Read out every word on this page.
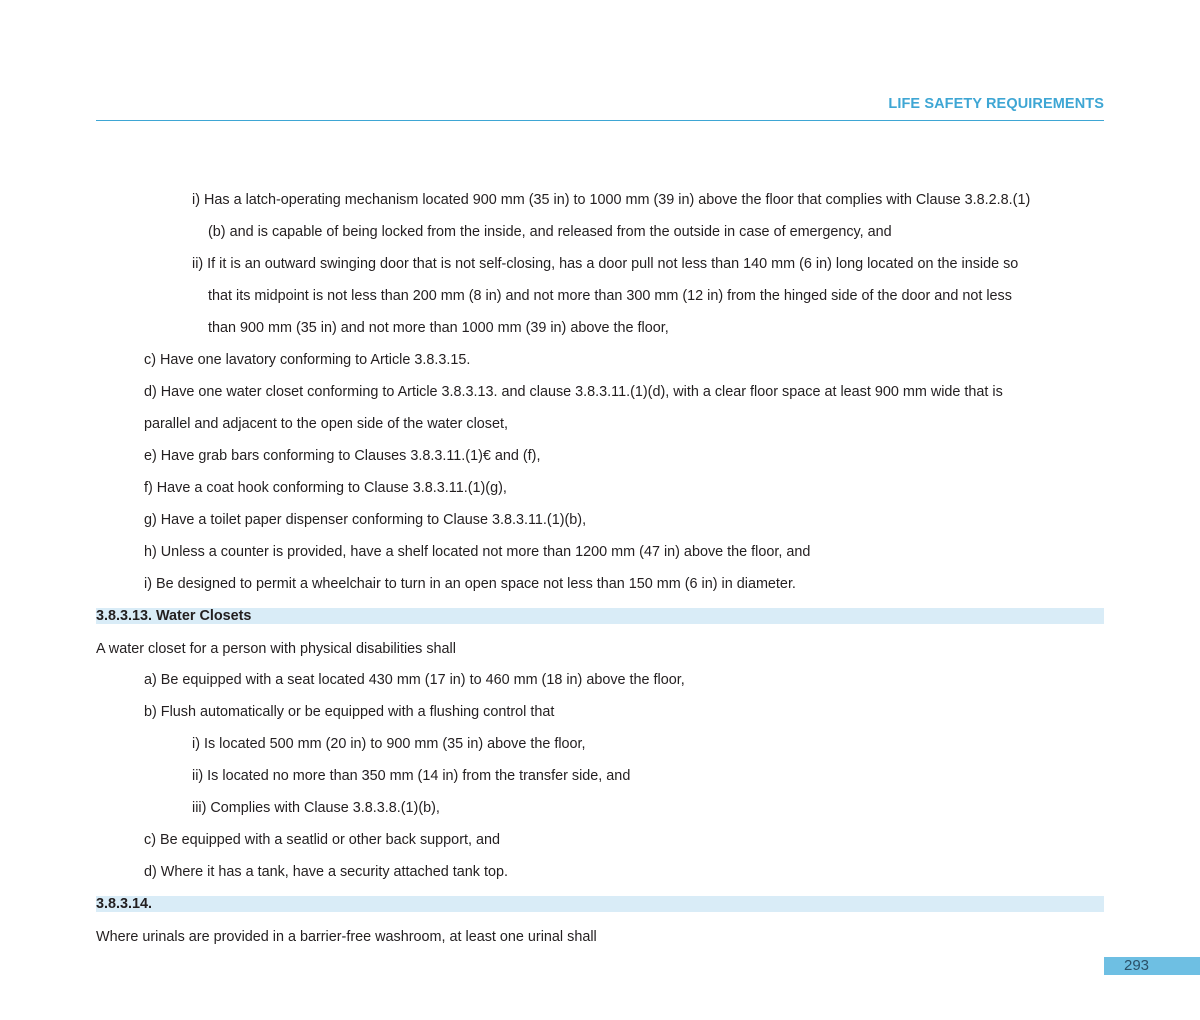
LIFE SAFETY REQUIREMENTS
i) Has a latch-operating mechanism located 900 mm (35 in) to 1000 mm (39 in) above the floor that complies with Clause 3.8.2.8.(1)
(b) and is capable of being locked from the inside, and released from the outside in case of emergency, and
ii) If it is an outward swinging door that is not self-closing, has a door pull not less than 140 mm (6 in) long located on the inside so
that its midpoint is not less than 200 mm (8 in) and not more than 300 mm (12 in) from the hinged side of the door and not less
than 900 mm (35 in) and not more than 1000 mm (39 in) above the floor,
c) Have one lavatory conforming to Article 3.8.3.15.
d) Have one water closet conforming to Article 3.8.3.13. and clause 3.8.3.11.(1)(d), with a clear floor space at least 900 mm wide that is
parallel and adjacent to the open side of the water closet,
e) Have grab bars conforming to Clauses 3.8.3.11.(1)€ and (f),
f) Have a coat hook conforming to Clause 3.8.3.11.(1)(g),
g) Have a toilet paper dispenser conforming to Clause 3.8.3.11.(1)(b),
h) Unless a counter is provided, have a shelf located not more than 1200 mm (47 in) above the floor, and
i) Be designed to permit a wheelchair to turn in an open space not less than 150 mm (6 in) in diameter.
3.8.3.13. Water Closets
A water closet for a person with physical disabilities shall
a) Be equipped with a seat located 430 mm (17 in) to 460 mm (18 in) above the floor,
b) Flush automatically or be equipped with a flushing control that
i) Is located 500 mm (20 in) to 900 mm (35 in) above the floor,
ii) Is located no more than 350 mm (14 in) from the transfer side, and
iii) Complies with Clause 3.8.3.8.(1)(b),
c) Be equipped with a seatlid or other back support, and
d) Where it has a tank, have a security attached tank top.
3.8.3.14.
Where urinals are provided in a barrier-free washroom, at least one urinal shall
293
